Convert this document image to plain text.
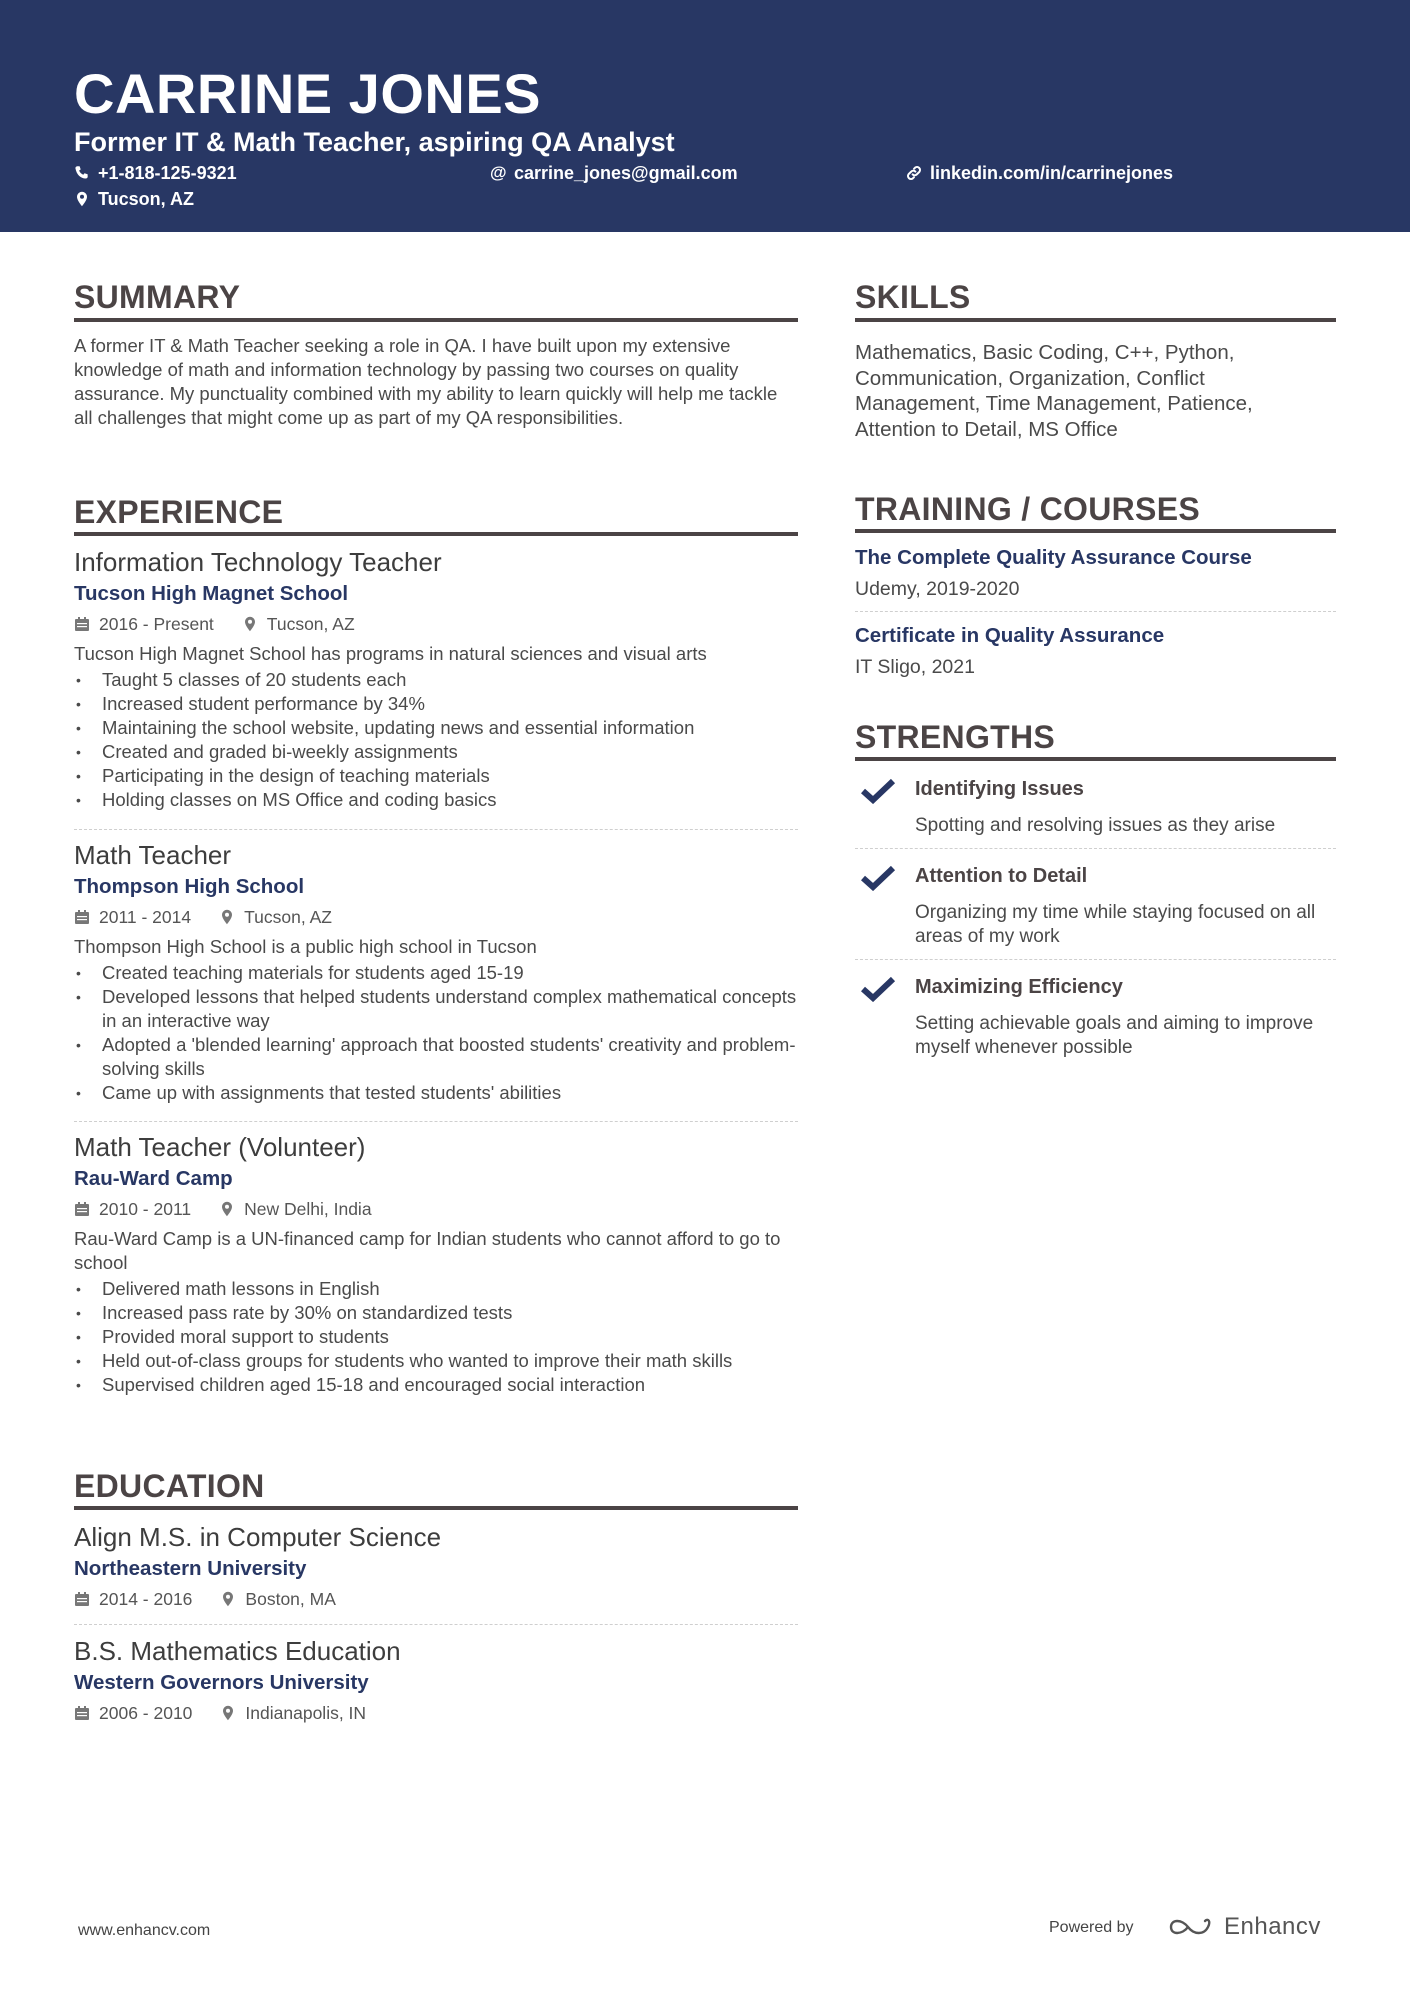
CARRINE JONES
Former IT & Math Teacher, aspiring QA Analyst
+1-818-125-9321	@ carrine_jones@gmail.com	linkedin.com/in/carrinejones
Tucson, AZ
SUMMARY
A former IT & Math Teacher seeking a role in QA. I have built upon my extensive knowledge of math and information technology by passing two courses on quality assurance. My punctuality combined with my ability to learn quickly will help me tackle all challenges that might come up as part of my QA responsibilities.
EXPERIENCE
Information Technology Teacher
Tucson High Magnet School
2016 - Present	Tucson, AZ
Tucson High Magnet School has programs in natural sciences and visual arts
• Taught 5 classes of 20 students each
• Increased student performance by 34%
• Maintaining the school website, updating news and essential information
• Created and graded bi-weekly assignments
• Participating in the design of teaching materials
• Holding classes on MS Office and coding basics
Math Teacher
Thompson High School
2011 - 2014	Tucson, AZ
Thompson High School is a public high school in Tucson
• Created teaching materials for students aged 15-19
• Developed lessons that helped students understand complex mathematical concepts in an interactive way
• Adopted a 'blended learning' approach that boosted students' creativity and problem-solving skills
• Came up with assignments that tested students' abilities
Math Teacher (Volunteer)
Rau-Ward Camp
2010 - 2011	New Delhi, India
Rau-Ward Camp is a UN-financed camp for Indian students who cannot afford to go to school
• Delivered math lessons in English
• Increased pass rate by 30% on standardized tests
• Provided moral support to students
• Held out-of-class groups for students who wanted to improve their math skills
• Supervised children aged 15-18 and encouraged social interaction
EDUCATION
Align M.S. in Computer Science
Northeastern University
2014 - 2016	Boston, MA
B.S. Mathematics Education
Western Governors University
2006 - 2010	Indianapolis, IN
SKILLS
Mathematics, Basic Coding, C++, Python, Communication, Organization, Conflict Management, Time Management, Patience, Attention to Detail, MS Office
TRAINING / COURSES
The Complete Quality Assurance Course
Udemy, 2019-2020
Certificate in Quality Assurance
IT Sligo, 2021
STRENGTHS
Identifying Issues
Spotting and resolving issues as they arise
Attention to Detail
Organizing my time while staying focused on all areas of my work
Maximizing Efficiency
Setting achievable goals and aiming to improve myself whenever possible
www.enhancv.com	Powered by	Enhancv
